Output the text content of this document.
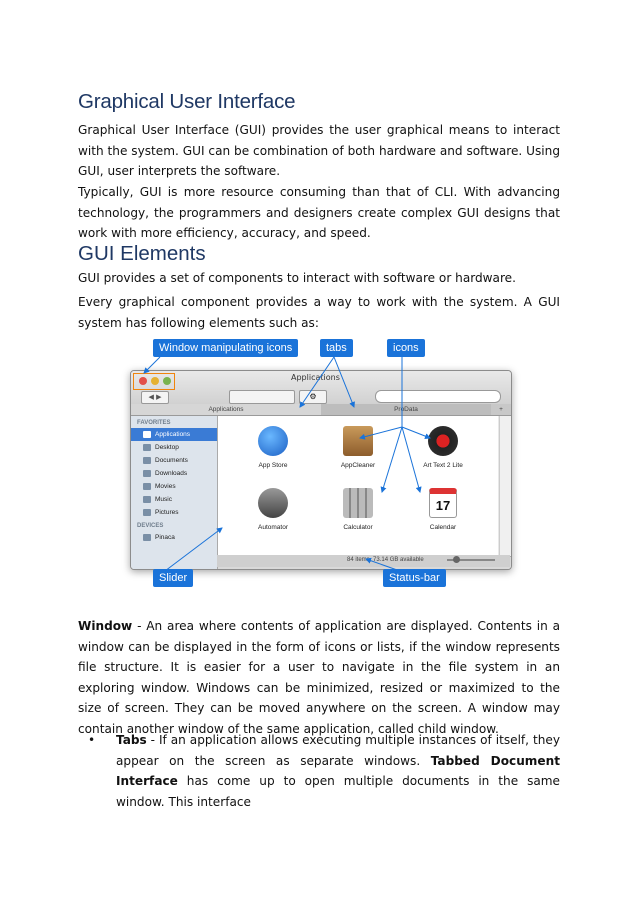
Graphical User Interface

Graphical User Interface (GUI) provides the user graphical means to interact with the system. GUI can be combination of both hardware and software. Using GUI, user interprets the software.

Typically, GUI is more resource consuming than that of CLI. With advancing technology, the programmers and designers create complex GUI designs that work with more efficiency, accuracy, and speed.

GUI Elements

GUI provides a set of components to interact with software or hardware.

Every graphical component provides a way to work with the system. A GUI system has following elements such as:

Window manipulating icons	tabs	icons
Applications
◀ ▶	⚙
Applications	ProData	+
FAVORITES
Applications
Desktop
Documents
Downloads
Movies
Music
Pictures
DEVICES
Pinaca
App Store	AppCleaner	Art Text 2 Lite
Automator	Calculator
17
Calendar
84 items, 73.14 GB available
Slider	Status-bar

Window - An area where contents of application are displayed. Contents in a window can be displayed in the form of icons or lists, if the window represents file structure. It is easier for a user to navigate in the file system in an exploring window. Windows can be minimized, resized or maximized to the size of screen. They can be moved anywhere on the screen. A window may contain another window of the same application, called child window.

• Tabs - If an application allows executing multiple instances of itself, they appear on the screen as separate windows. Tabbed Document Interface has come up to open multiple documents in the same window. This interface
